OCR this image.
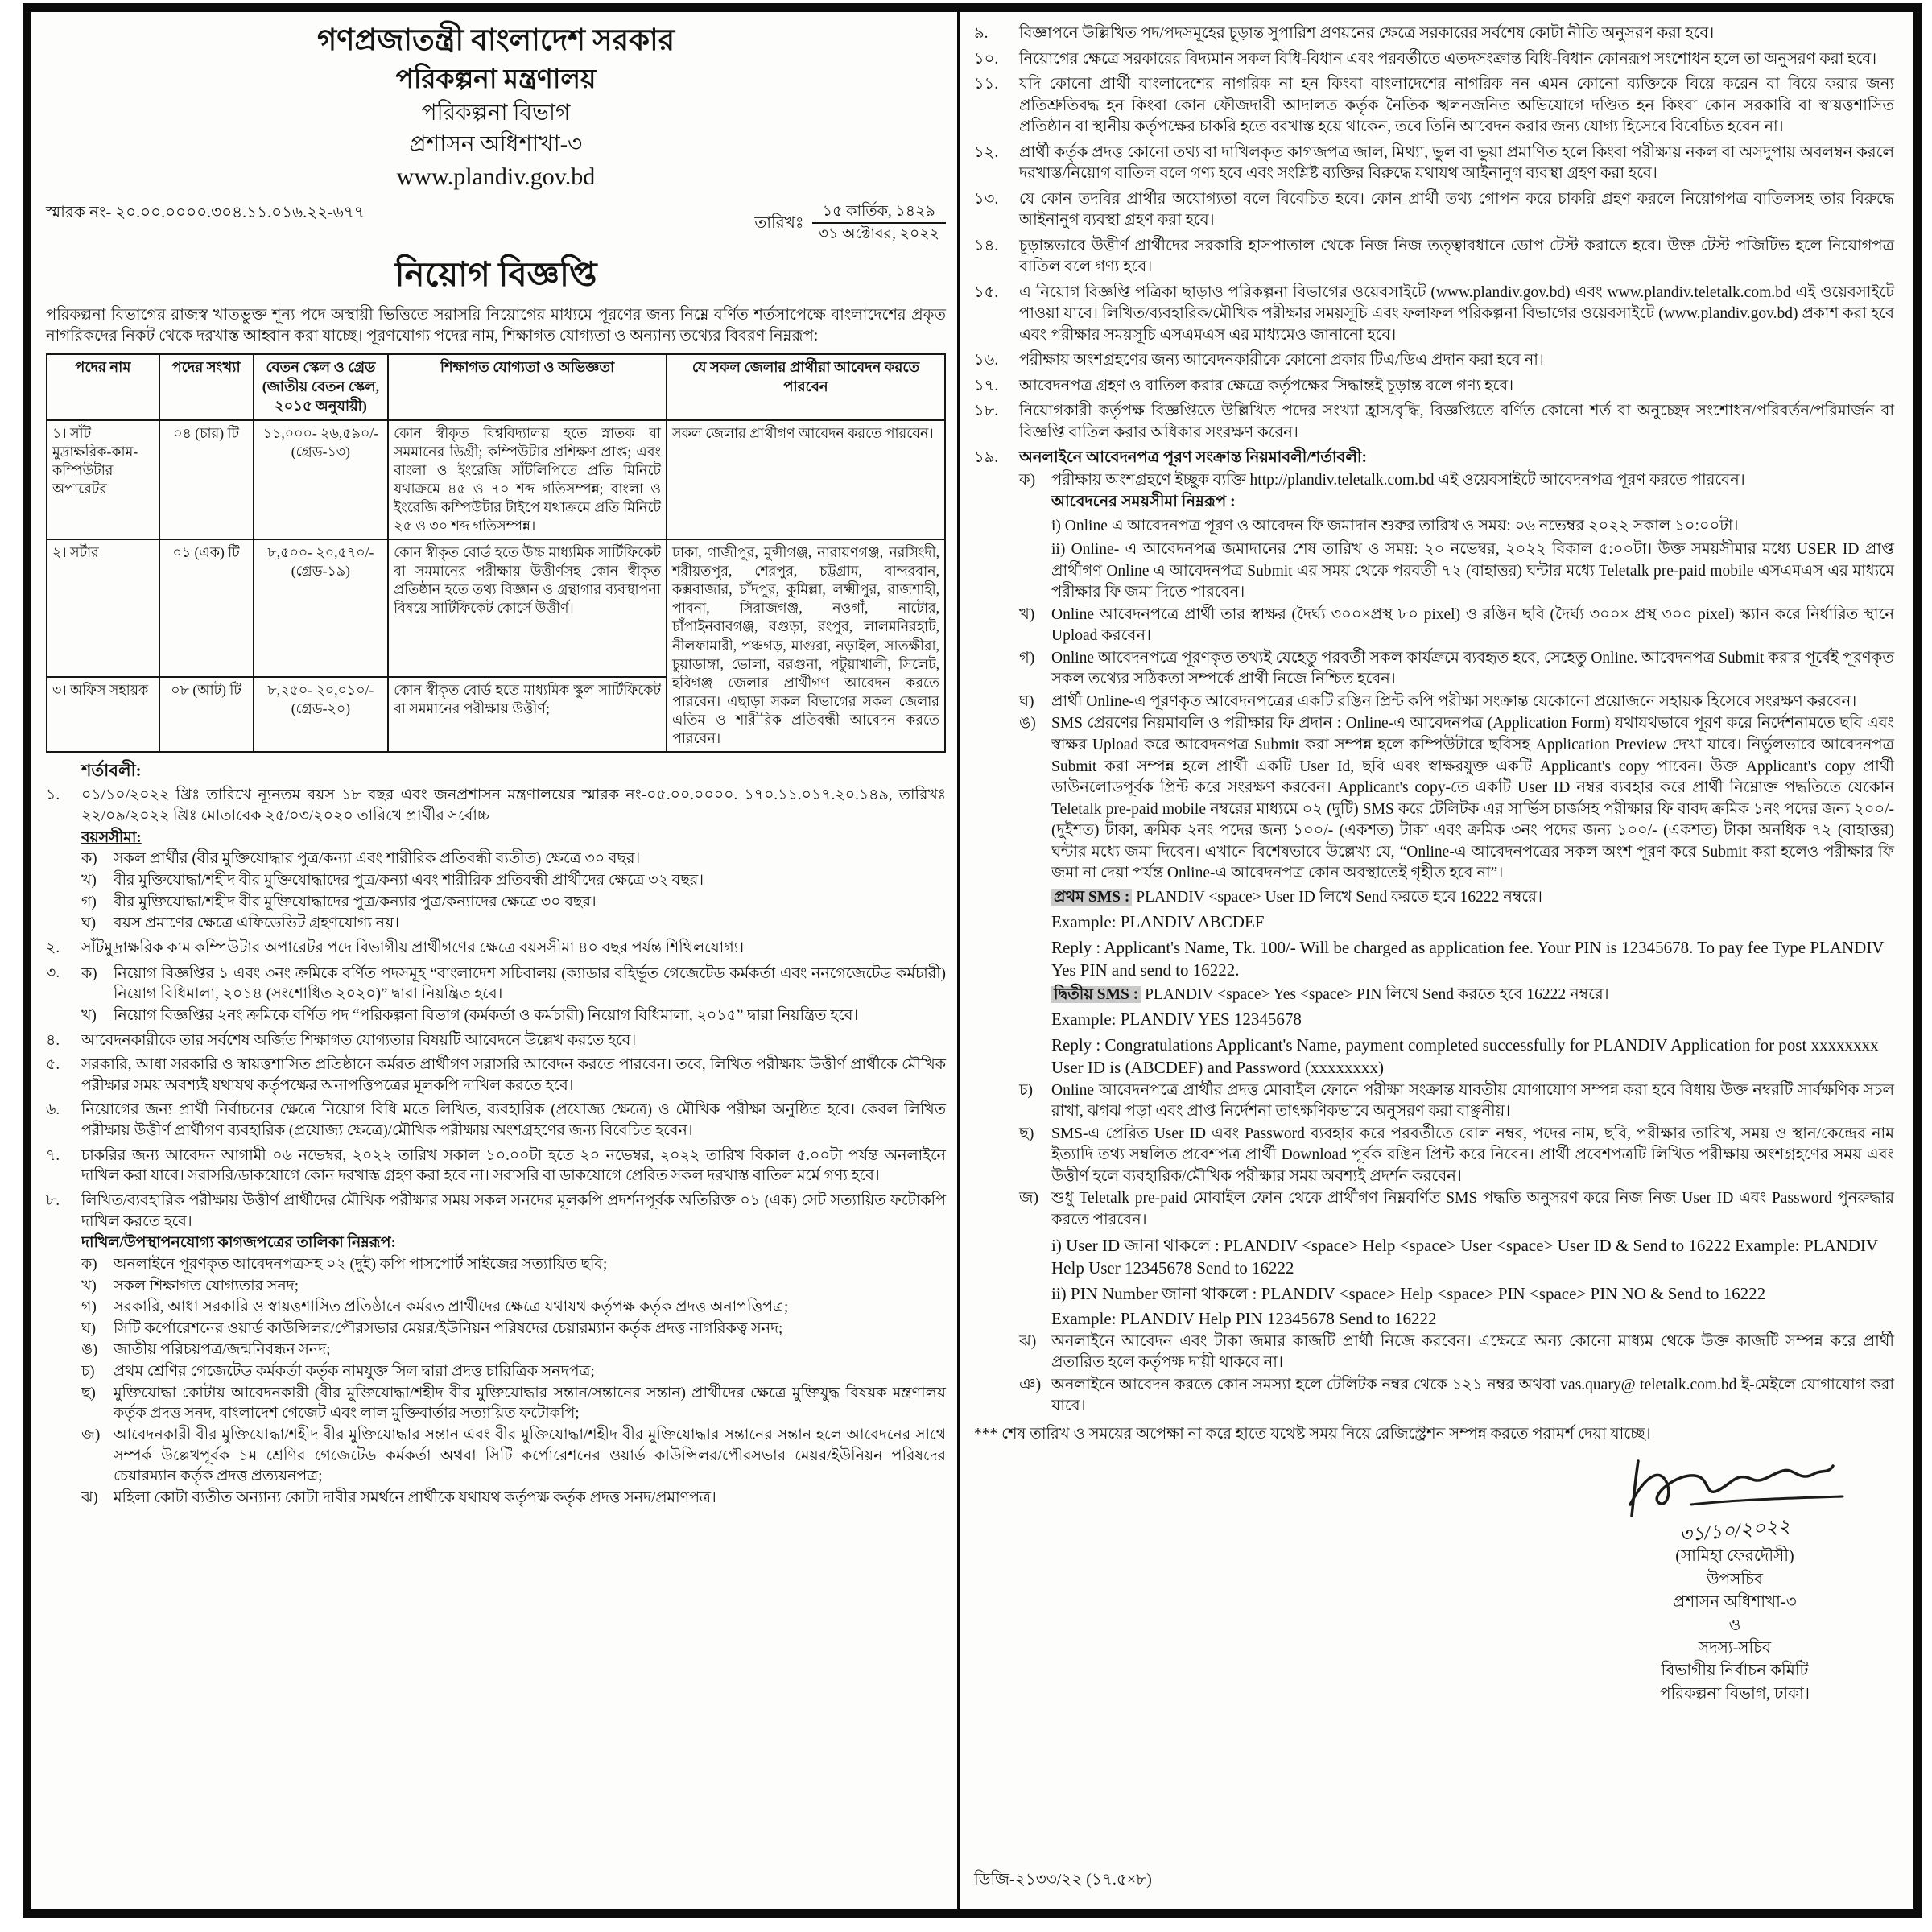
গণপ্রজাতন্ত্রী বাংলাদেশ সরকার
পরিকল্পনা মন্ত্রণালয়
পরিকল্পনা বিভাগ
প্রশাসন অধিশাখা-৩
www.plandiv.gov.bd
স্মারক নং- ২০.০০.০০০০.৩০৪.১১.০১৬.২২-৬৭৭
তারিখঃ $\frac{\text{১৫ কার্তিক, ১৪২৯}}{\text{৩১ অক্টোবর, ২০২২}}$
নিয়োগ বিজ্ঞপ্তি
পরিকল্পনা বিভাগের রাজস্ব খাতভুক্ত শূন্য পদে অস্থায়ী ভিত্তিতে সরাসরি নিয়োগের মাধ্যমে পূরণের জন্য নিম্নে বর্ণিত শর্তসাপেক্ষে বাংলাদেশের প্রকৃত নাগরিকদের নিকট থেকে দরখাস্ত আহ্বান করা যাচ্ছে। পূরণযোগ্য পদের নাম, শিক্ষাগত যোগ্যতা ও অন্যান্য তথ্যের বিবরণ নিম্নরূপ:
পদের নাম	পদের সংখ্যা	বেতন স্কেল ও গ্রেড (জাতীয় বেতন স্কেল, ২০১৫ অনুযায়ী)	শিক্ষাগত যোগ্যতা ও অভিজ্ঞতা	যে সকল জেলার প্রার্থীরা আবেদন করতে পারবেন
১। সাঁট মুদ্রাক্ষরিক-কাম-কম্পিউটার অপারেটর	০৪ (চার) টি	১১,০০০- ২৬,৫৯০/- (গ্রেড-১৩)	কোন স্বীকৃত বিশ্ববিদ্যালয় হতে স্নাতক বা সমমানের ডিগ্রী; কম্পিউটার প্রশিক্ষণ প্রাপ্ত; এবং বাংলা ও ইংরেজি সাঁটলিপিতে প্রতি মিনিটে যথাক্রমে ৪৫ ও ৭০ শব্দ গতিসম্পন্ন; বাংলা ও ইংরেজি কম্পিউটার টাইপে যথাক্রমে প্রতি মিনিটে ২৫ ও ৩০ শব্দ গতিসম্পন্ন।	সকল জেলার প্রার্থীগণ আবেদন করতে পারবেন।
২। সর্টার	০১ (এক) টি	৮,৫০০- ২০,৫৭০/- (গ্রেড-১৯)	কোন স্বীকৃত বোর্ড হতে উচ্চ মাধ্যমিক সার্টিফিকেট বা সমমানের পরীক্ষায় উত্তীর্ণসহ কোন স্বীকৃত প্রতিষ্ঠান হতে তথ্য বিজ্ঞান ও গ্রন্থাগার ব্যবস্থাপনা বিষয়ে সার্টিফিকেট কোর্সে উত্তীর্ণ।	ঢাকা, গাজীপুর, মুন্সীগঞ্জ, নারায়ণগঞ্জ, নরসিংদী, শরীয়তপুর, শেরপুর, চট্টগ্রাম, বান্দরবান, কক্সবাজার, চাঁদপুর, কুমিল্লা, লক্ষ্মীপুর, রাজশাহী, পাবনা, সিরাজগঞ্জ, নওগাঁ, নাটোর, চাঁপাইনবাবগঞ্জ, বগুড়া, রংপুর, লালমনিরহাট, নীলফামারী, পঞ্চগড়, মাগুরা, নড়াইল, সাতক্ষীরা, চুয়াডাঙ্গা, ভোলা, বরগুনা, পটুয়াখালী, সিলেট, হবিগঞ্জ জেলার প্রার্থীগণ আবেদন করতে পারবেন। এছাড়া সকল বিভাগের সকল জেলার এতিম ও শারীরিক প্রতিবন্ধী আবেদন করতে পারবেন।
৩। অফিস সহায়ক	০৮ (আট) টি	৮,২৫০- ২০,০১০/- (গ্রেড-২০)	কোন স্বীকৃত বোর্ড হতে মাধ্যমিক স্কুল সার্টিফিকেট বা সমমানের পরীক্ষায় উত্তীর্ণ;	
শর্তাবলী:
১.	০১/১০/২০২২ খ্রিঃ তারিখে ন্যূনতম বয়স ১৮ বছর এবং জনপ্রশাসন মন্ত্রণালয়ের স্মারক নং-০৫.০০.০০০০. ১৭০.১১.০১৭.২০.১৪৯, তারিখঃ ২২/০৯/২০২২ খ্রিঃ মোতাবেক ২৫/০৩/২০২০ তারিখে প্রার্থীর সর্বোচ্চ
বয়সসীমা:
ক)	সকল প্রার্থীর (বীর মুক্তিযোদ্ধার পুত্র/কন্যা এবং শারীরিক প্রতিবন্ধী ব্যতীত) ক্ষেত্রে ৩০ বছর।
খ)	বীর মুক্তিযোদ্ধা/শহীদ বীর মুক্তিযোদ্ধাদের পুত্র/কন্যা এবং শারীরিক প্রতিবন্ধী প্রার্থীদের ক্ষেত্রে ৩২ বছর।
গ)	বীর মুক্তিযোদ্ধা/শহীদ বীর মুক্তিযোদ্ধাদের পুত্র/কন্যার পুত্র/কন্যাদের ক্ষেত্রে ৩০ বছর।
ঘ)	বয়স প্রমাণের ক্ষেত্রে এফিডেভিট গ্রহণযোগ্য নয়।
২.	সাঁটমুদ্রাক্ষরিক কাম কম্পিউটার অপারেটর পদে বিভাগীয় প্রার্থীগণের ক্ষেত্রে বয়সসীমা ৪০ বছর পর্যন্ত শিথিলযোগ্য।
৩.	ক)	নিয়োগ বিজ্ঞপ্তির ১ এবং ৩নং ক্রমিকে বর্ণিত পদসমূহ “বাংলাদেশ সচিবালয় (ক্যাডার বহির্ভূত গেজেটেড কর্মকর্তা এবং ননগেজেটেড কর্মচারী) নিয়োগ বিধিমালা, ২০১৪ (সংশোধিত ২০২০)” দ্বারা নিয়ন্ত্রিত হবে।
খ)	নিয়োগ বিজ্ঞপ্তির ২নং ক্রমিকে বর্ণিত পদ “পরিকল্পনা বিভাগ (কর্মকর্তা ও কর্মচারী) নিয়োগ বিধিমালা, ২০১৫” দ্বারা নিয়ন্ত্রিত হবে।
৪.	আবেদনকারীকে তার সর্বশেষ অর্জিত শিক্ষাগত যোগ্যতার বিষয়টি আবেদনে উল্লেখ করতে হবে।
৫.	সরকারি, আধা সরকারি ও স্বায়ত্তশাসিত প্রতিষ্ঠানে কর্মরত প্রার্থীগণ সরাসরি আবেদন করতে পারবেন। তবে, লিখিত পরীক্ষায় উত্তীর্ণ প্রার্থীকে মৌখিক পরীক্ষার সময় অবশ্যই যথাযথ কর্তৃপক্ষের অনাপত্তিপত্রের মূলকপি দাখিল করতে হবে।
৬.	নিয়োগের জন্য প্রার্থী নির্বাচনের ক্ষেত্রে নিয়োগ বিধি মতে লিখিত, ব্যবহারিক (প্রযোজ্য ক্ষেত্রে) ও মৌখিক পরীক্ষা অনুষ্ঠিত হবে। কেবল লিখিত পরীক্ষায় উত্তীর্ণ প্রার্থীগণ ব্যবহারিক (প্রযোজ্য ক্ষেত্রে)/মৌখিক পরীক্ষায় অংশগ্রহণের জন্য বিবেচিত হবেন।
৭.	চাকরির জন্য আবেদন আগামী ০৬ নভেম্বর, ২০২২ তারিখ সকাল ১০.০০টা হতে ২০ নভেম্বর, ২০২২ তারিখ বিকাল ৫.০০টা পর্যন্ত অনলাইনে দাখিল করা যাবে। সরাসরি/ডাকযোগে কোন দরখাস্ত গ্রহণ করা হবে না। সরাসরি বা ডাকযোগে প্রেরিত সকল দরখাস্ত বাতিল মর্মে গণ্য হবে।
৮.	লিখিত/ব্যবহারিক পরীক্ষায় উত্তীর্ণ প্রার্থীদের মৌখিক পরীক্ষার সময় সকল সনদের মূলকপি প্রদর্শনপূর্বক অতিরিক্ত ০১ (এক) সেট সত্যায়িত ফটোকপি দাখিল করতে হবে।
দাখিল/উপস্থাপনযোগ্য কাগজপত্রের তালিকা নিম্নরূপ:
ক)	অনলাইনে পূরণকৃত আবেদনপত্রসহ ০২ (দুই) কপি পাসপোর্ট সাইজের সত্যায়িত ছবি;
খ)	সকল শিক্ষাগত যোগ্যতার সনদ;
গ)	সরকারি, আধা সরকারি ও স্বায়ত্তশাসিত প্রতিষ্ঠানে কর্মরত প্রার্থীদের ক্ষেত্রে যথাযথ কর্তৃপক্ষ কর্তৃক প্রদত্ত অনাপত্তিপত্র;
ঘ)	সিটি কর্পোরেশনের ওয়ার্ড কাউন্সিলর/পৌরসভার মেয়র/ইউনিয়ন পরিষদের চেয়ারম্যান কর্তৃক প্রদত্ত নাগরিকত্ব সনদ;
ঙ)	জাতীয় পরিচয়পত্র/জন্মনিবন্ধন সনদ;
চ)	প্রথম শ্রেণির গেজেটেড কর্মকর্তা কর্তৃক নামযুক্ত সিল দ্বারা প্রদত্ত চারিত্রিক সনদপত্র;
ছ)	মুক্তিযোদ্ধা কোটায় আবেদনকারী (বীর মুক্তিযোদ্ধা/শহীদ বীর মুক্তিযোদ্ধার সন্তান/সন্তানের সন্তান) প্রার্থীদের ক্ষেত্রে মুক্তিযুদ্ধ বিষয়ক মন্ত্রণালয় কর্তৃক প্রদত্ত সনদ, বাংলাদেশ গেজেট এবং লাল মুক্তিবার্তার সত্যায়িত ফটোকপি;
জ) আবেদনকারী বীর মুক্তিযোদ্ধা/শহীদ বীর মুক্তিযোদ্ধার সন্তান এবং বীর মুক্তিযোদ্ধা/শহীদ বীর মুক্তিযোদ্ধার সন্তানের সন্তান হলে আবেদনের সাথে সম্পর্ক উল্লেখপূর্বক ১ম শ্রেণির গেজেটেড কর্মকর্তা অথবা সিটি কর্পোরেশনের ওয়ার্ড কাউন্সিলর/পৌরসভার মেয়র/ইউনিয়ন পরিষদের চেয়ারম্যান কর্তৃক প্রদত্ত প্রত্যয়নপত্র;
ঝ)	মহিলা কোটা ব্যতীত অন্যান্য কোটা দাবীর সমর্থনে প্রার্থীকে যথাযথ কর্তৃপক্ষ কর্তৃক প্রদত্ত সনদ/প্রমাণপত্র।
৯.	বিজ্ঞাপনে উল্লিখিত পদ/পদসমূহের চূড়ান্ত সুপারিশ প্রণয়নের ক্ষেত্রে সরকারের সর্বশেষ কোটা নীতি অনুসরণ করা হবে।
১০.	নিয়োগের ক্ষেত্রে সরকারের বিদ্যমান সকল বিধি-বিধান এবং পরবর্তীতে এতদসংক্রান্ত বিধি-বিধান কোনরূপ সংশোধন হলে তা অনুসরণ করা হবে।
১১.	যদি কোনো প্রার্থী বাংলাদেশের নাগরিক না হন কিংবা বাংলাদেশের নাগরিক নন এমন কোনো ব্যক্তিকে বিয়ে করেন বা বিয়ে করার জন্য প্রতিশ্রুতিবদ্ধ হন কিংবা কোন ফৌজদারী আদালত কর্তৃক নৈতিক স্খলনজনিত অভিযোগে দণ্ডিত হন কিংবা কোন সরকারি বা স্বায়ত্তশাসিত প্রতিষ্ঠান বা স্থানীয় কর্তৃপক্ষের চাকরি হতে বরখাস্ত হয়ে থাকেন, তবে তিনি আবেদন করার জন্য যোগ্য হিসেবে বিবেচিত হবেন না।
১২.	প্রার্থী কর্তৃক প্রদত্ত কোনো তথ্য বা দাখিলকৃত কাগজপত্র জাল, মিথ্যা, ভুল বা ভুয়া প্রমাণিত হলে কিংবা পরীক্ষায় নকল বা অসদুপায় অবলম্বন করলে দরখাস্ত/নিয়োগ বাতিল বলে গণ্য হবে এবং সংশ্লিষ্ট ব্যক্তির বিরুদ্ধে যথাযথ আইনানুগ ব্যবস্থা গ্রহণ করা হবে।
১৩.	যে কোন তদবির প্রার্থীর অযোগ্যতা বলে বিবেচিত হবে। কোন প্রার্থী তথ্য গোপন করে চাকরি গ্রহণ করলে নিয়োগপত্র বাতিলসহ তার বিরুদ্ধে আইনানুগ ব্যবস্থা গ্রহণ করা হবে।
১৪.	চূড়ান্তভাবে উত্তীর্ণ প্রার্থীদের সরকারি হাসপাতাল থেকে নিজ নিজ তত্ত্বাবধানে ডোপ টেস্ট করাতে হবে। উক্ত টেস্ট পজিটিভ হলে নিয়োগপত্র বাতিল বলে গণ্য হবে।
১৫.	এ নিয়োগ বিজ্ঞপ্তি পত্রিকা ছাড়াও পরিকল্পনা বিভাগের ওয়েবসাইটে (www.plandiv.gov.bd) এবং www.plandiv.teletalk.com.bd এই ওয়েবসাইটে পাওয়া যাবে। লিখিত/ব্যবহারিক/মৌখিক পরীক্ষার সময়সূচি এবং ফলাফল পরিকল্পনা বিভাগের ওয়েবসাইটে (www.plandiv.gov.bd) প্রকাশ করা হবে এবং পরীক্ষার সময়সূচি এসএমএস এর মাধ্যমেও জানানো হবে।
১৬.	পরীক্ষায় অংশগ্রহণের জন্য আবেদনকারীকে কোনো প্রকার টিএ/ডিএ প্রদান করা হবে না।
১৭.	আবেদনপত্র গ্রহণ ও বাতিল করার ক্ষেত্রে কর্তৃপক্ষের সিদ্ধান্তই চূড়ান্ত বলে গণ্য হবে।
১৮.	নিয়োগকারী কর্তৃপক্ষ বিজ্ঞপ্তিতে উল্লিখিত পদের সংখ্যা হ্রাস/বৃদ্ধি, বিজ্ঞপ্তিতে বর্ণিত কোনো শর্ত বা অনুচ্ছেদ সংশোধন/পরিবর্তন/পরিমার্জন বা বিজ্ঞপ্তি বাতিল করার অধিকার সংরক্ষণ করেন।
১৯.	অনলাইনে আবেদনপত্র পূরণ সংক্রান্ত নিয়মাবলী/শর্তাবলী:
ক)	পরীক্ষায় অংশগ্রহণে ইচ্ছুক ব্যক্তি http://plandiv.teletalk.com.bd এই ওয়েবসাইটে আবেদনপত্র পূরণ করতে পারবেন।
আবেদনের সময়সীমা নিম্নরূপ :
i) Online এ আবেদনপত্র পূরণ ও আবেদন ফি জমাদান শুরুর তারিখ ও সময়: ০৬ নভেম্বর ২০২২ সকাল ১০:০০টা।
ii) Online- এ আবেদনপত্র জমাদানের শেষ তারিখ ও সময়: ২০ নভেম্বর, ২০২২ বিকাল ৫:০০টা। উক্ত সময়সীমার মধ্যে USER ID প্রাপ্ত প্রার্থীগণ Online এ আবেদনপত্র Submit এর সময় থেকে পরবর্তী ৭২ (বাহাত্তর) ঘন্টার মধ্যে Teletalk pre-paid mobile এসএমএস এর মাধ্যমে পরীক্ষার ফি জমা দিতে পারবেন।
খ)	Online আবেদনপত্রে প্রার্থী তার স্বাক্ষর (দৈর্ঘ্য ৩০০×প্রস্থ ৮০ pixel) ও রঙিন ছবি (দৈর্ঘ্য ৩০০× প্রস্থ ৩০০ pixel) স্ক্যান করে নির্ধারিত স্থানে Upload করবেন।
গ)	Online আবেদনপত্রে পূরণকৃত তথ্যই যেহেতু পরবর্তী সকল কার্যক্রমে ব্যবহৃত হবে, সেহেতু Online. আবেদনপত্র Submit করার পূর্বেই পূরণকৃত সকল তথ্যের সঠিকতা সম্পর্কে প্রার্থী নিজে নিশ্চিত হবেন।
ঘ)	প্রার্থী Online-এ পূরণকৃত আবেদনপত্রের একটি রঙিন প্রিন্ট কপি পরীক্ষা সংক্রান্ত যেকোনো প্রয়োজনে সহায়ক হিসেবে সংরক্ষণ করবেন।
ঙ) SMS প্রেরণের নিয়মাবলি ও পরীক্ষার ফি প্রদান : Online-এ আবেদনপত্র (Application Form) যথাযথভাবে পূরণ করে নির্দেশনামতে ছবি এবং স্বাক্ষর Upload করে আবেদনপত্র Submit করা সম্পন্ন হলে কম্পিউটারে ছবিসহ Application Preview দেখা যাবে। নির্ভুলভাবে আবেদনপত্র Submit করা সম্পন্ন হলে প্রার্থী একটি User Id, ছবি এবং স্বাক্ষরযুক্ত একটি Applicant's copy পাবেন। উক্ত Applicant's copy প্রার্থী ডাউনলোডপূর্বক প্রিন্ট করে সংরক্ষণ করবেন। Applicant's copy-তে একটি User ID নম্বর ব্যবহার করে প্রার্থী নিম্নোক্ত পদ্ধতিতে যেকোন Teletalk pre-paid mobile নম্বরের মাধ্যমে ০২ (দুটি) SMS করে টেলিটক এর সার্ভিস চার্জসহ পরীক্ষার ফি বাবদ ক্রমিক ১নং পদের জন্য ২০০/- (দুইশত) টাকা, ক্রমিক ২নং পদের জন্য ১০০/- (একশত) টাকা এবং ক্রমিক ৩নং পদের জন্য ১০০/- (একশত) টাকা অনধিক ৭২ (বাহাত্তর) ঘন্টার মধ্যে জমা দিবেন। এখানে বিশেষভাবে উল্লেখ্য যে, “Online-এ আবেদনপত্রের সকল অংশ পূরণ করে Submit করা হলেও পরীক্ষার ফি জমা না দেয়া পর্যন্ত Online-এ আবেদনপত্র কোন অবস্থাতেই গৃহীত হবে না”।
প্রথম SMS : PLANDIV <space> User ID লিখে Send করতে হবে 16222 নম্বরে।
Example: PLANDIV ABCDEF
Reply : Applicant's Name, Tk. 100/- Will be charged as application fee. Your PIN is 12345678. To pay fee Type PLANDIV Yes PIN and send to 16222.
দ্বিতীয় SMS : PLANDIV <space> Yes <space> PIN লিখে Send করতে হবে 16222 নম্বরে।
Example: PLANDIV YES 12345678
Reply : Congratulations Applicant's Name, payment completed successfully for PLANDIV Application for post xxxxxxxx User ID is (ABCDEF) and Password (xxxxxxxx)
চ)	Online আবেদনপত্রে প্রার্থীর প্রদত্ত মোবাইল ফোনে পরীক্ষা সংক্রান্ত যাবতীয় যোগাযোগ সম্পন্ন করা হবে বিধায় উক্ত নম্বরটি সার্বক্ষণিক সচল রাখা, ঝগঝ পড়া এবং প্রাপ্ত নির্দেশনা তাৎক্ষণিকভাবে অনুসরণ করা বাঞ্ছনীয়।
ছ)	SMS-এ প্রেরিত User ID এবং Password ব্যবহার করে পরবর্তীতে রোল নম্বর, পদের নাম, ছবি, পরীক্ষার তারিখ, সময় ও স্থান/কেন্দ্রের নাম ইত্যাদি তথ্য সম্বলিত প্রবেশপত্র প্রার্থী Download পূর্বক রঙিন প্রিন্ট করে নিবেন। প্রার্থী প্রবেশপত্রটি লিখিত পরীক্ষায় অংশগ্রহণের সময় এবং উত্তীর্ণ হলে ব্যবহারিক/মৌখিক পরীক্ষার সময় অবশ্যই প্রদর্শন করবেন।
জ) শুধু Teletalk pre-paid মোবাইল ফোন থেকে প্রার্থীগণ নিম্নবর্ণিত SMS পদ্ধতি অনুসরণ করে নিজ নিজ User ID এবং Password পুনরুদ্ধার করতে পারবেন।
i) User ID জানা থাকলে : PLANDIV <space> Help <space> User <space> User ID & Send to 16222 Example: PLANDIV Help User 12345678 Send to 16222
ii) PIN Number জানা থাকলে : PLANDIV <space> Help <space> PIN <space> PIN NO & Send to 16222
Example: PLANDIV Help PIN 12345678 Send to 16222
ঝ) অনলাইনে আবেদন এবং টাকা জমার কাজটি প্রার্থী নিজে করবেন। এক্ষেত্রে অন্য কোনো মাধ্যম থেকে উক্ত কাজটি সম্পন্ন করে প্রার্থী প্রতারিত হলে কর্তৃপক্ষ দায়ী থাকবে না।
ঞ) অনলাইনে আবেদন করতে কোন সমস্যা হলে টেলিটক নম্বর থেকে ১২১ নম্বর অথবা vas.quary@ teletalk.com.bd ই-মেইলে যোগাযোগ করা যাবে।
*** শেষ তারিখ ও সময়ের অপেক্ষা না করে হাতে যথেষ্ট সময় নিয়ে রেজিস্ট্রেশন সম্পন্ন করতে পরামর্শ দেয়া যাচ্ছে।
৩১/১০/২০২২
(সামিহা ফেরদৌসী)
উপসচিব
প্রশাসন অধিশাখা-৩
ও
সদস্য-সচিব
বিভাগীয় নির্বাচন কমিটি
পরিকল্পনা বিভাগ, ঢাকা।
ডিজি-২১৩৩/২২ (১৭.৫×৮)
